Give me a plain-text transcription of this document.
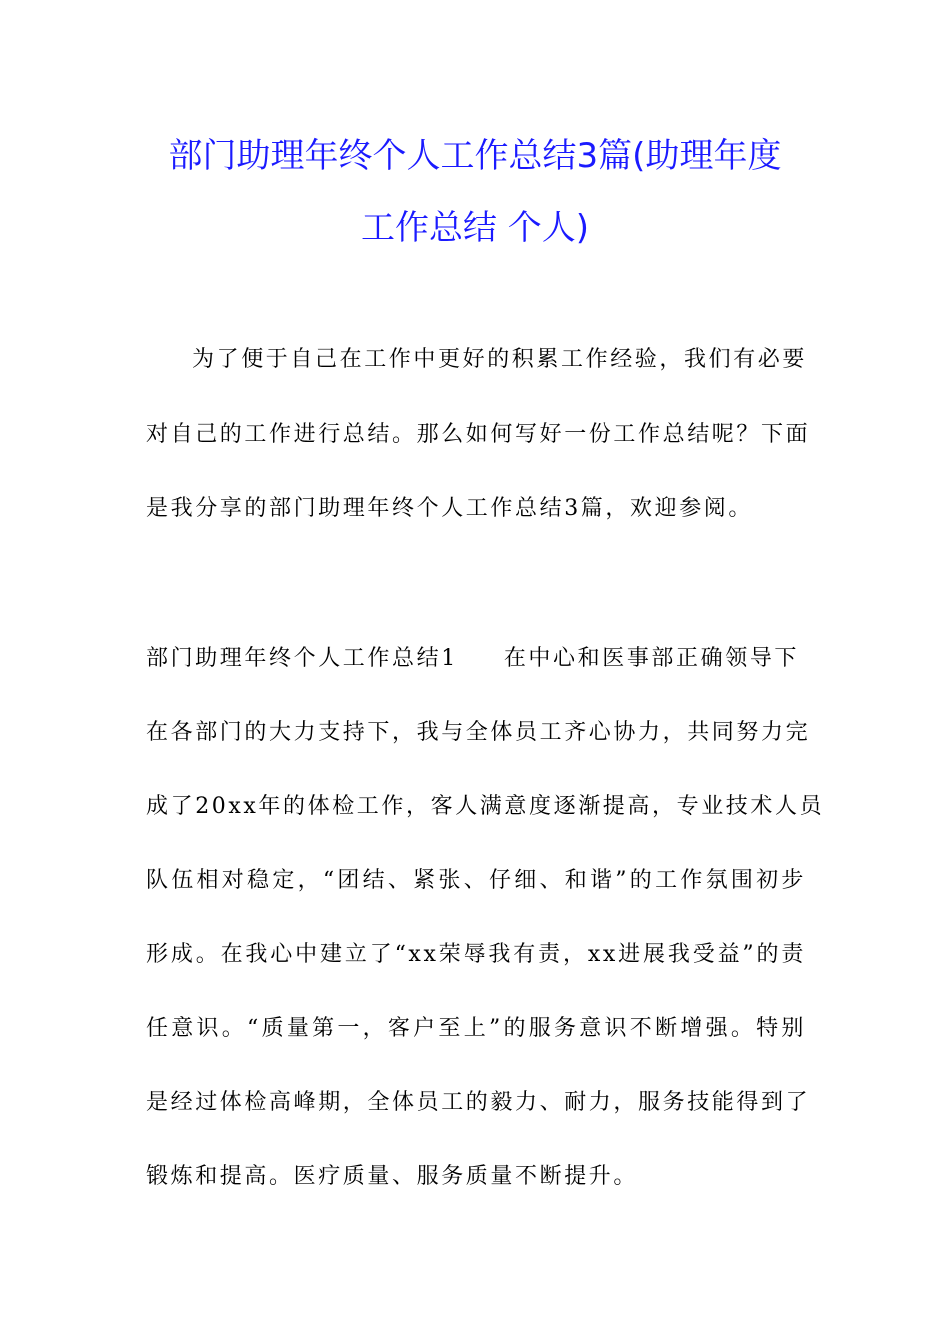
部门助理年终个人工作总结3篇(助理年度
工作总结 个人)

为了便于自己在工作中更好的积累工作经验，我们有必要

对自己的工作进行总结。那么如何写好一份工作总结呢？下面

是我分享的部门助理年终个人工作总结3篇，欢迎参阅。

部门助理年终个人工作总结1 在中心和医事部正确领导下

在各部门的大力支持下，我与全体员工齐心协力，共同努力完

成了20xx年的体检工作，客人满意度逐渐提高，专业技术人员

队伍相对稳定，“团结、紧张、仔细、和谐”的工作氛围初步

形成。在我心中建立了“xx荣辱我有责，xx进展我受益”的责

任意识。“质量第一，客户至上”的服务意识不断增强。特别

是经过体检高峰期，全体员工的毅力、耐力，服务技能得到了

锻炼和提高。医疗质量、服务质量不断提升。
